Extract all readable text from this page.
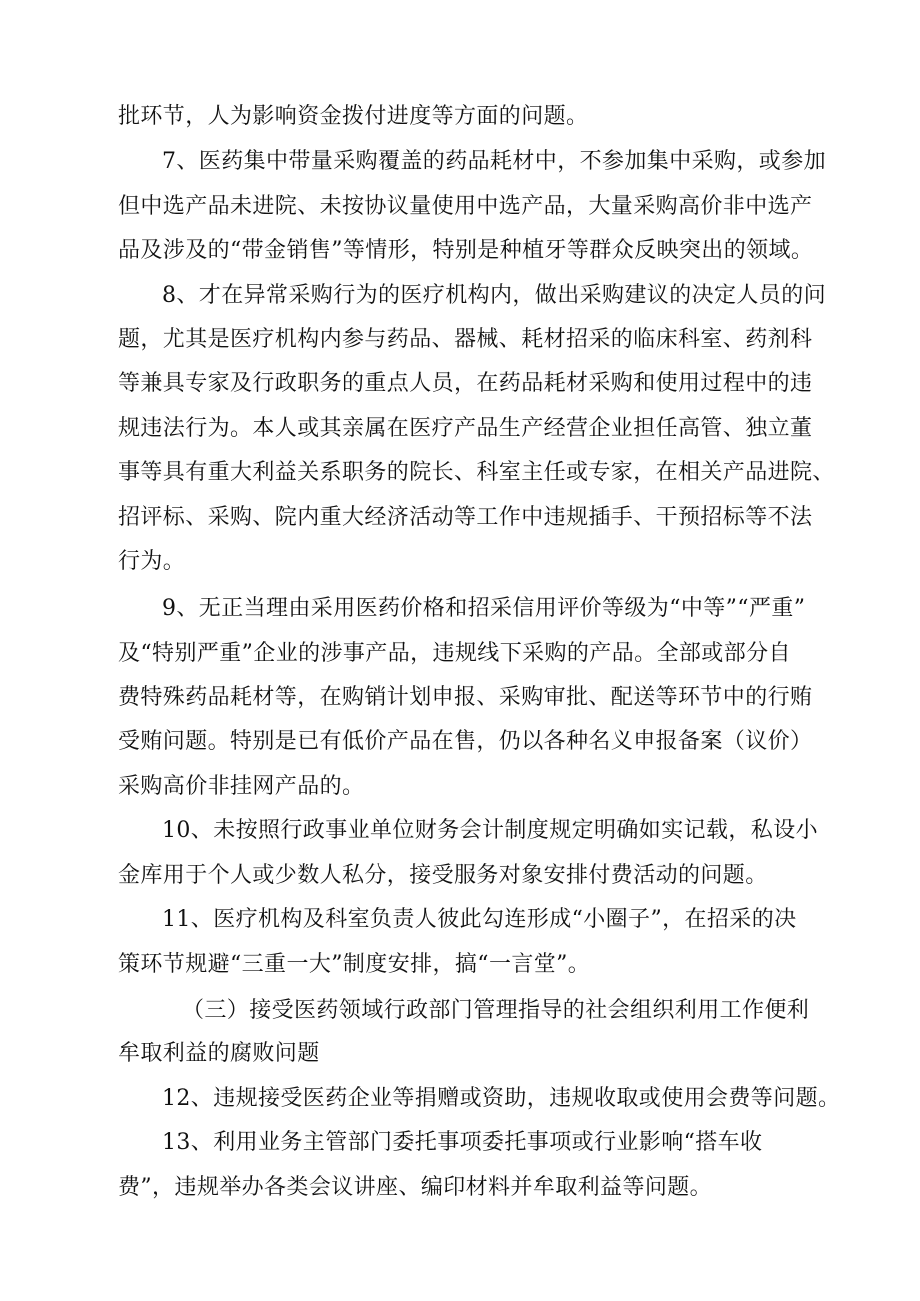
批环节，人为影响资金拨付进度等方面的问题。
7、医药集中带量采购覆盖的药品耗材中，不参加集中采购，或参加
但中选产品未进院、未按协议量使用中选产品，大量采购高价非中选产
品及涉及的“带金销售”等情形，特别是种植牙等群众反映突出的领域。
8、才在异常采购行为的医疗机构内，做出采购建议的决定人员的问
题，尤其是医疗机构内参与药品、器械、耗材招采的临床科室、药剂科
等兼具专家及行政职务的重点人员，在药品耗材采购和使用过程中的违
规违法行为。本人或其亲属在医疗产品生产经营企业担任高管、独立董
事等具有重大利益关系职务的院长、科室主任或专家，在相关产品进院、
招评标、采购、院内重大经济活动等工作中违规插手、干预招标等不法
行为。
9、无正当理由采用医药价格和招采信用评价等级为“中等”“严重”
及“特别严重”企业的涉事产品，违规线下采购的产品。全部或部分自
费特殊药品耗材等，在购销计划申报、采购审批、配送等环节中的行贿
受贿问题。特别是已有低价产品在售，仍以各种名义申报备案（议价）
采购高价非挂网产品的。
10、未按照行政事业单位财务会计制度规定明确如实记载，私设小
金库用于个人或少数人私分，接受服务对象安排付费活动的问题。
11、医疗机构及科室负责人彼此勾连形成“小圈子”，在招采的决
策环节规避“三重一大”制度安排，搞“一言堂”。
（三）接受医药领域行政部门管理指导的社会组织利用工作便利
牟取利益的腐败问题
12、违规接受医药企业等捐赠或资助，违规收取或使用会费等问题。
13、利用业务主管部门委托事项委托事项或行业影响“搭车收
费”，违规举办各类会议讲座、编印材料并牟取利益等问题。
